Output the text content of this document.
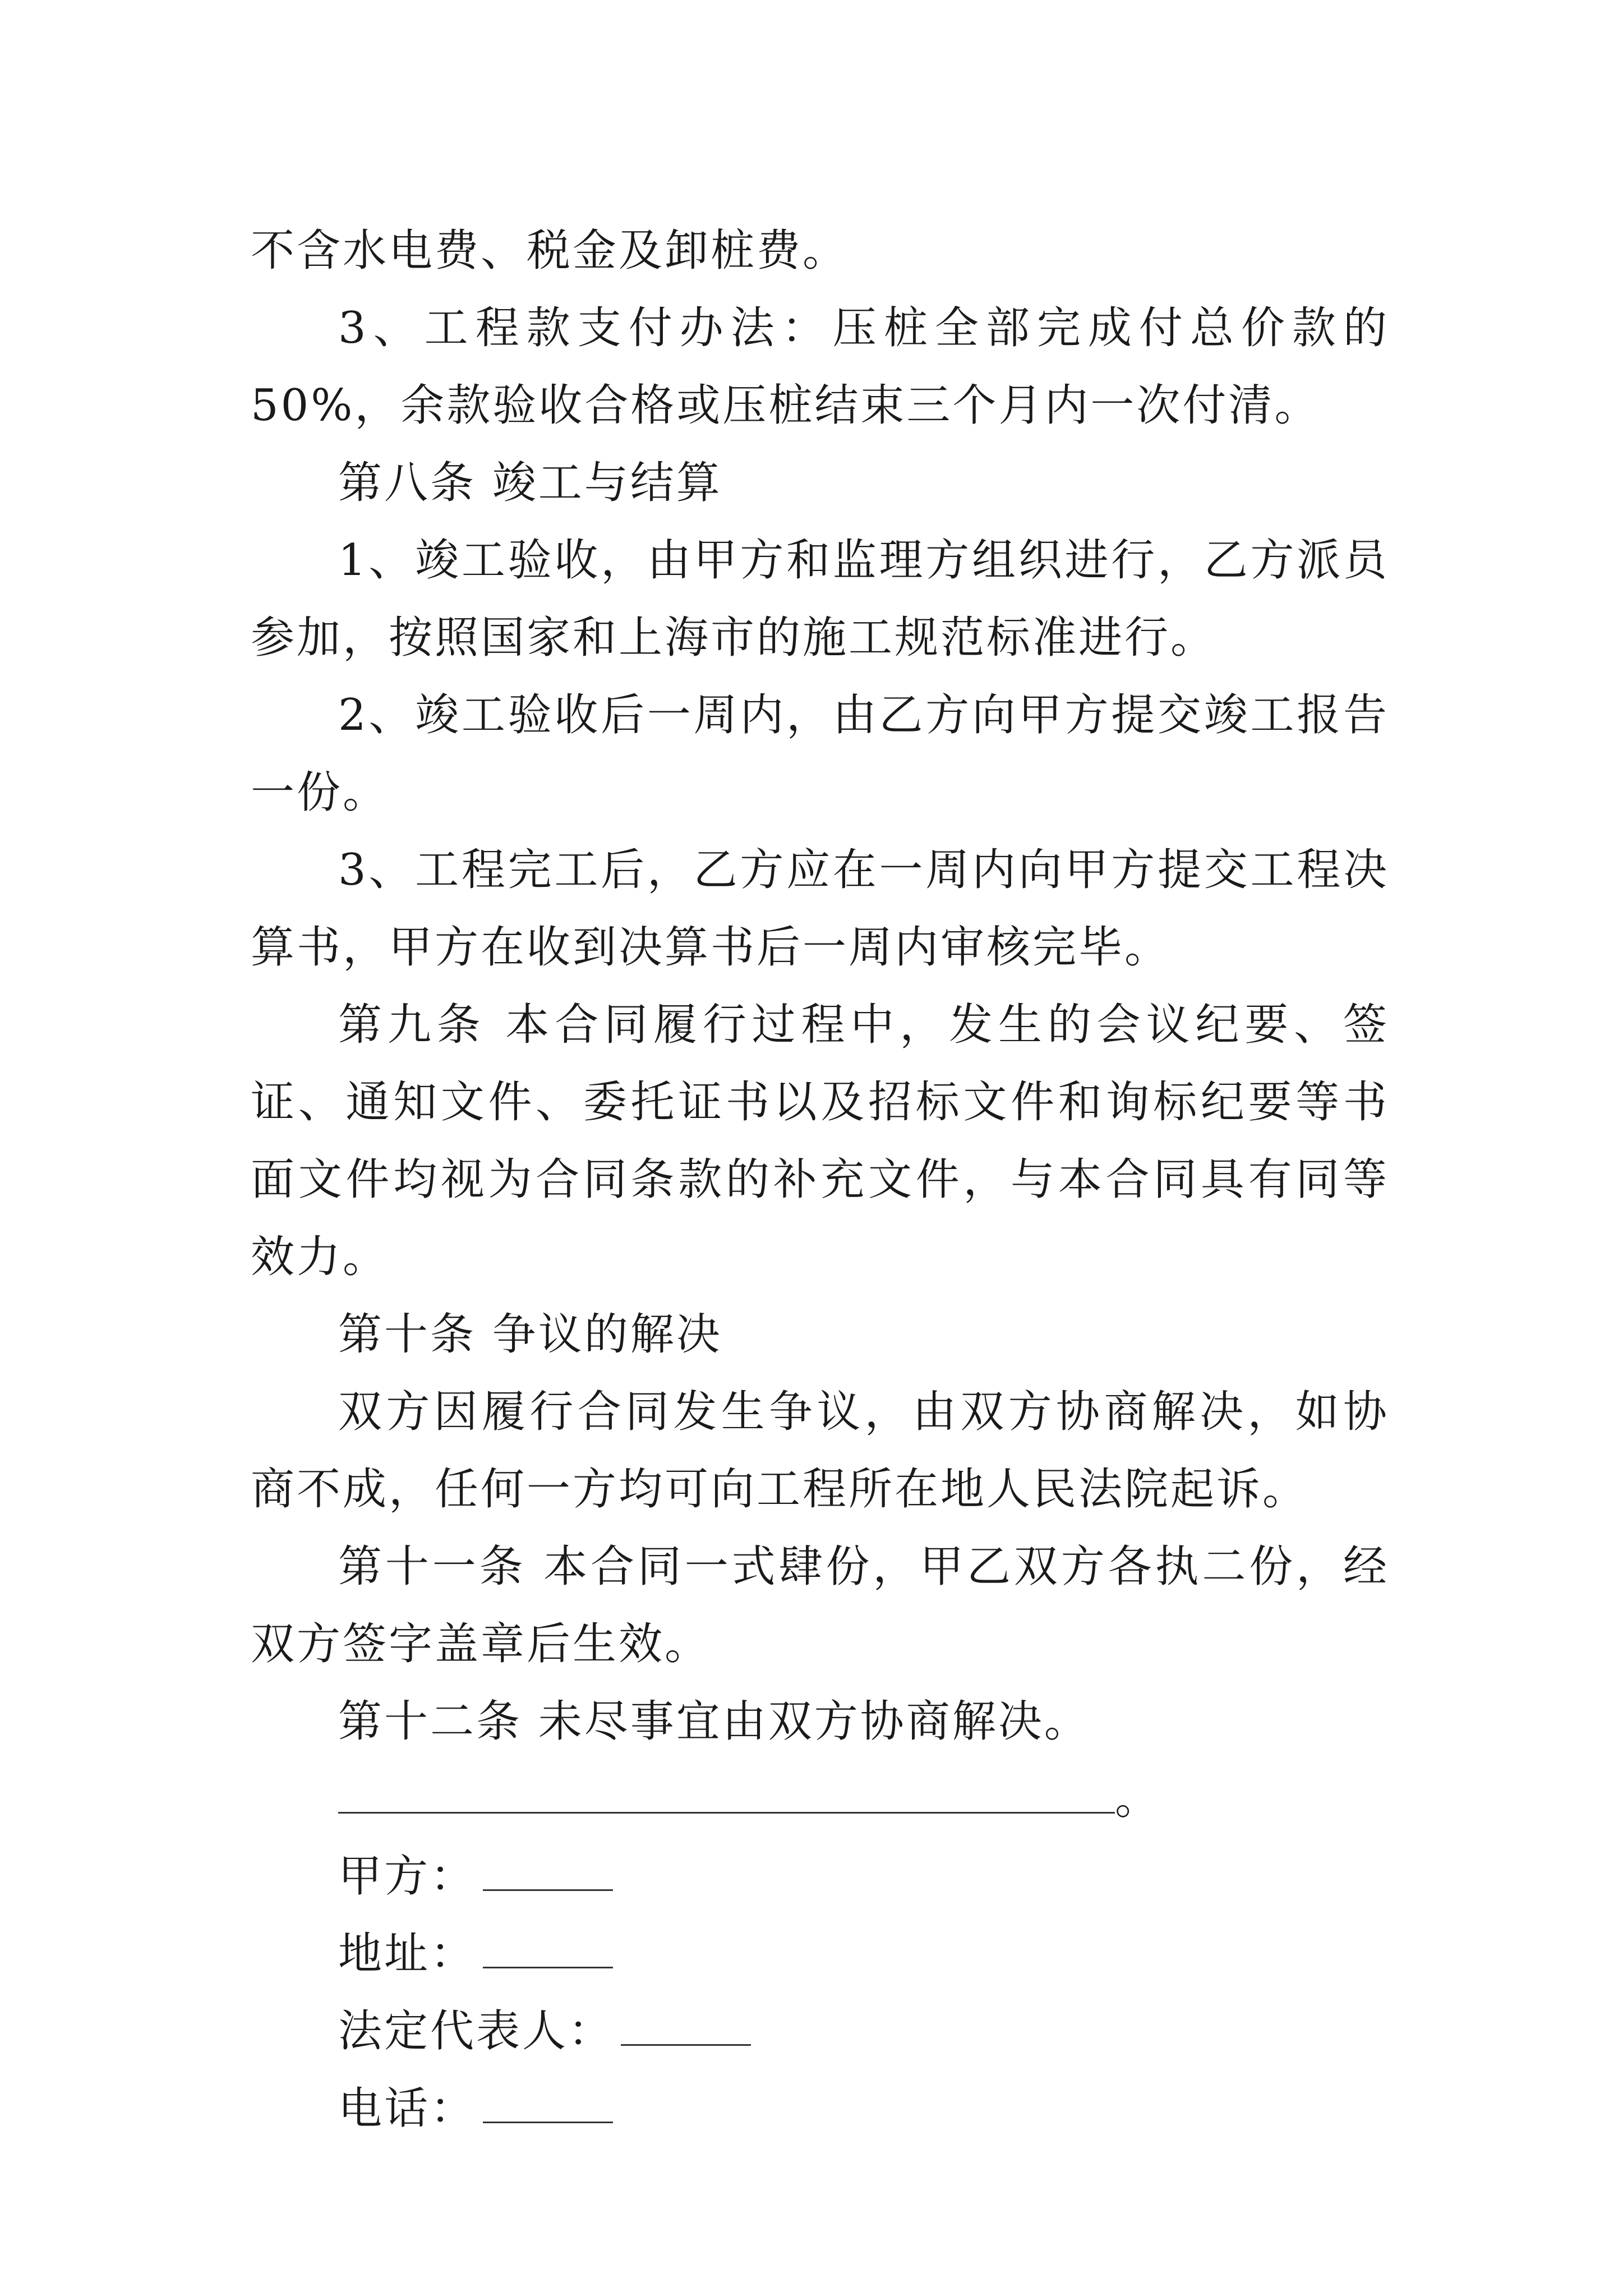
不含水电费、税金及卸桩费。

3、工程款支付办法：压桩全部完成付总价款的50%，余款验收合格或压桩结束三个月内一次付清。

第八条 竣工与结算

1、竣工验收，由甲方和监理方组织进行，乙方派员参加，按照国家和上海市的施工规范标准进行。

2、竣工验收后一周内，由乙方向甲方提交竣工报告一份。

3、工程完工后，乙方应在一周内向甲方提交工程决算书，甲方在收到决算书后一周内审核完毕。

第九条 本合同履行过程中，发生的会议纪要、签证、通知文件、委托证书以及招标文件和询标纪要等书面文件均视为合同条款的补充文件，与本合同具有同等效力。

第十条 争议的解决

双方因履行合同发生争议，由双方协商解决，如协商不成，任何一方均可向工程所在地人民法院起诉。

第十一条 本合同一式肆份，甲乙双方各执二份，经双方签字盖章后生效。

第十二条 未尽事宜由双方协商解决。

。
甲方：
地址：
法定代表人：
电话：
